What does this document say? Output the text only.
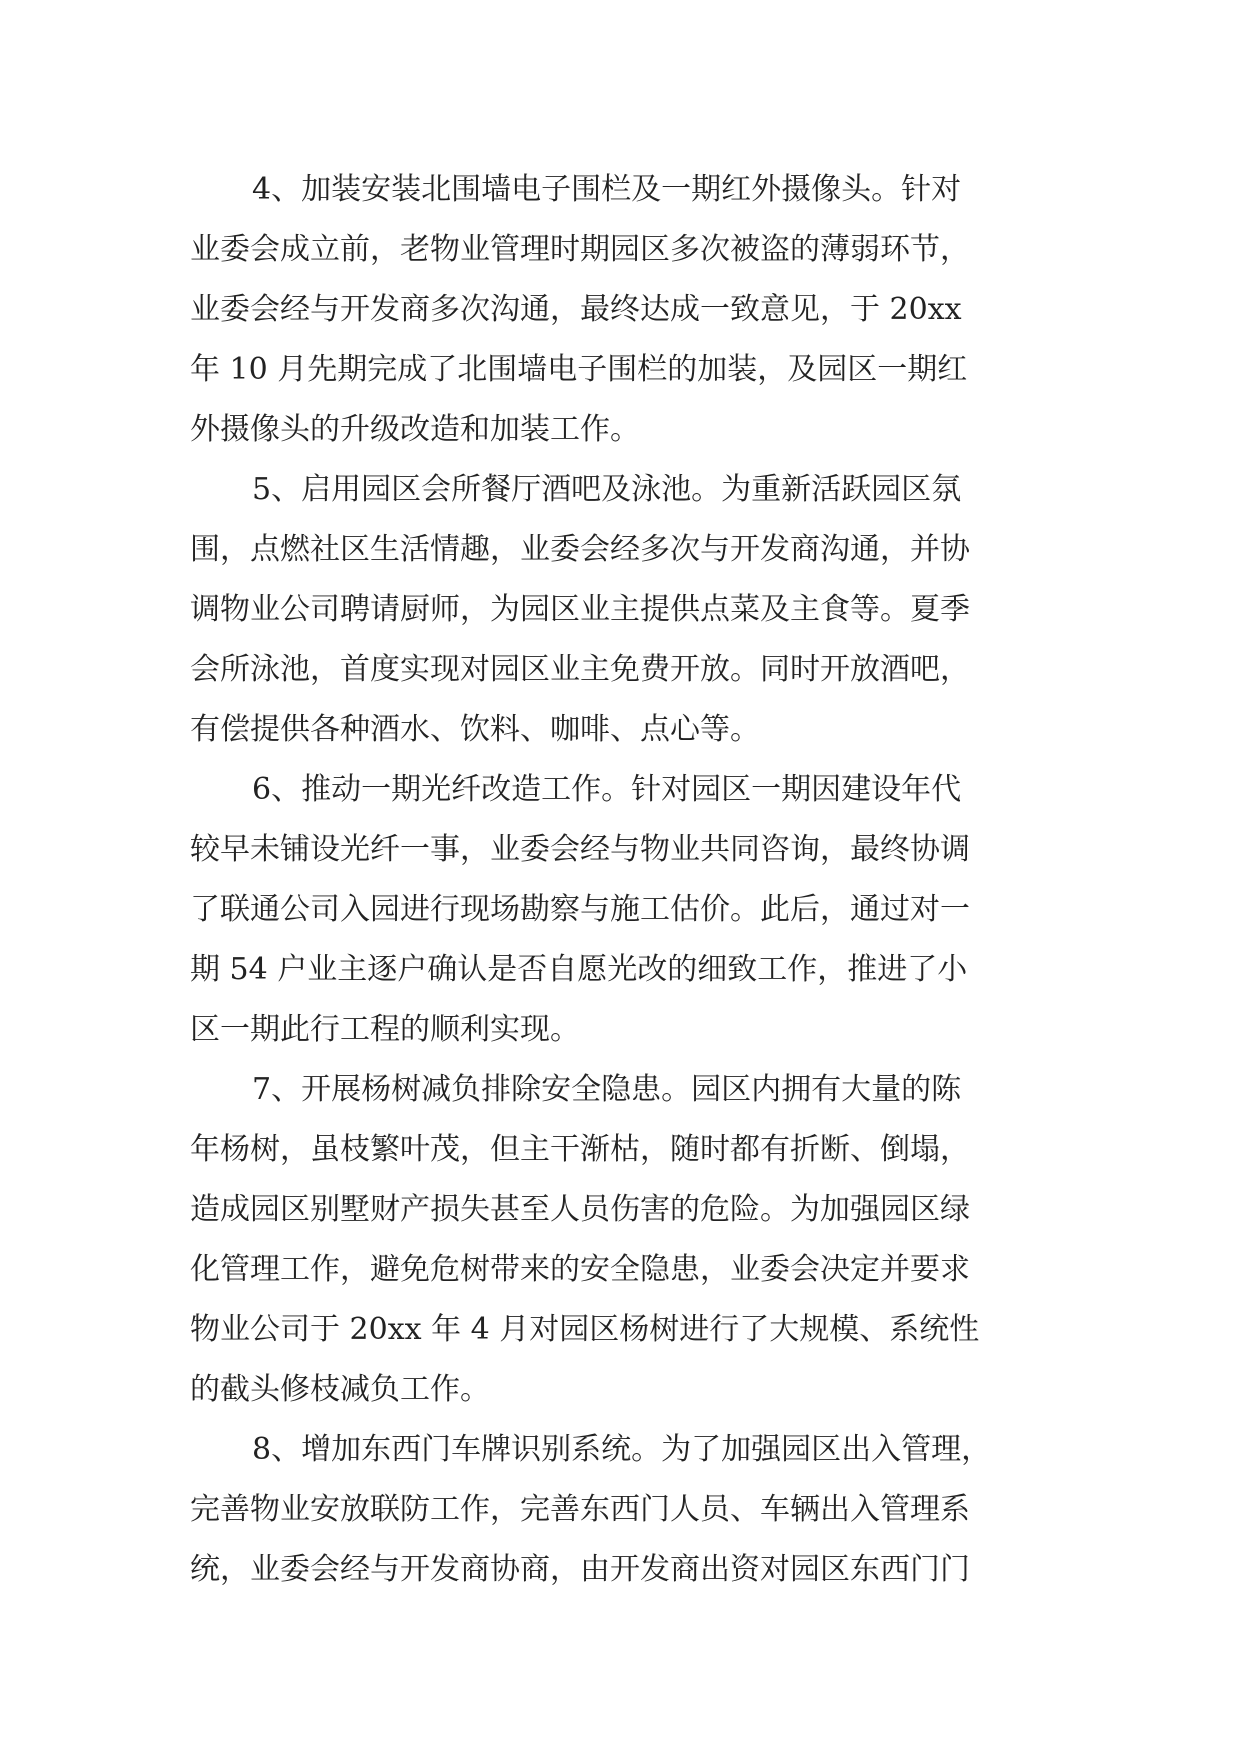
4、加装安装北围墙电子围栏及一期红外摄像头。针对
业委会成立前，老物业管理时期园区多次被盗的薄弱环节，
业委会经与开发商多次沟通，最终达成一致意见，于 20xx
年 10 月先期完成了北围墙电子围栏的加装，及园区一期红
外摄像头的升级改造和加装工作。
5、启用园区会所餐厅酒吧及泳池。为重新活跃园区氛
围，点燃社区生活情趣，业委会经多次与开发商沟通，并协
调物业公司聘请厨师，为园区业主提供点菜及主食等。夏季
会所泳池，首度实现对园区业主免费开放。同时开放酒吧，
有偿提供各种酒水、饮料、咖啡、点心等。
6、推动一期光纤改造工作。针对园区一期因建设年代
较早未铺设光纤一事，业委会经与物业共同咨询，最终协调
了联通公司入园进行现场勘察与施工估价。此后，通过对一
期 54 户业主逐户确认是否自愿光改的细致工作，推进了小
区一期此行工程的顺利实现。
7、开展杨树减负排除安全隐患。园区内拥有大量的陈
年杨树，虽枝繁叶茂，但主干渐枯，随时都有折断、倒塌，
造成园区别墅财产损失甚至人员伤害的危险。为加强园区绿
化管理工作，避免危树带来的安全隐患，业委会决定并要求
物业公司于 20xx 年 4 月对园区杨树进行了大规模、系统性
的截头修枝减负工作。
8、增加东西门车牌识别系统。为了加强园区出入管理，
完善物业安放联防工作，完善东西门人员、车辆出入管理系
统，业委会经与开发商协商，由开发商出资对园区东西门门
